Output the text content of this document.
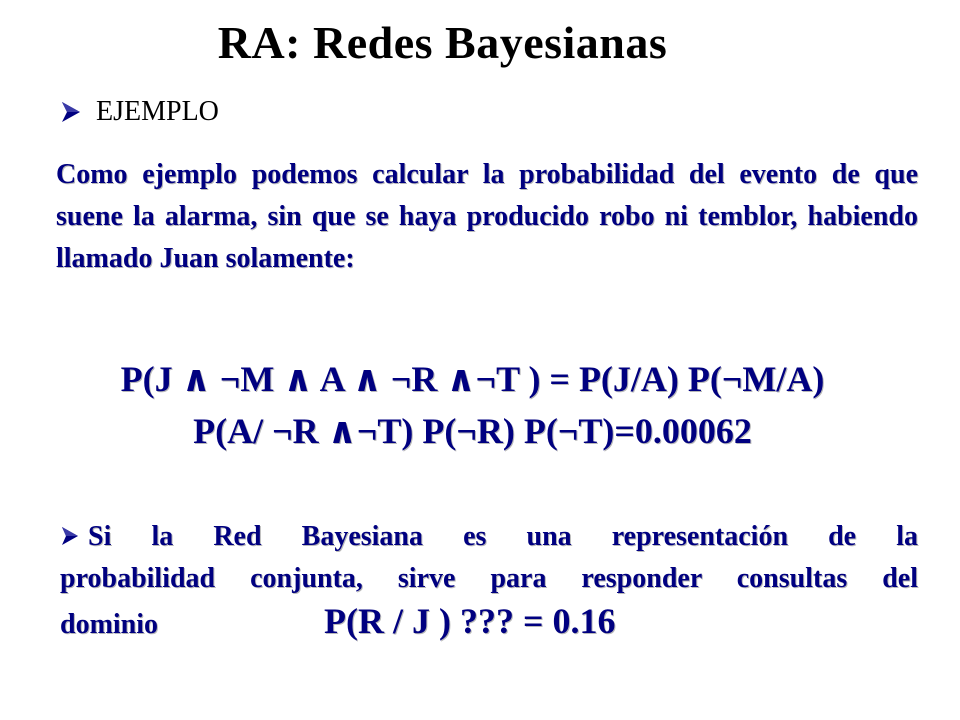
RA: Redes Bayesianas
EJEMPLO
Como ejemplo podemos calcular la probabilidad del evento de que suene la alarma, sin que se haya producido robo ni temblor, habiendo llamado Juan solamente:
P(J ∧ ¬M ∧ A ∧ ¬R ∧¬T ) = P(J/A) P(¬M/A)
P(A/ ¬R ∧¬T) P(¬R) P(¬T)=0.00062
Si la Red Bayesiana es una representación de la
probabilidad conjunta, sirve para responder consultas del
dominio	P(R / J ) ??? = 0.16
